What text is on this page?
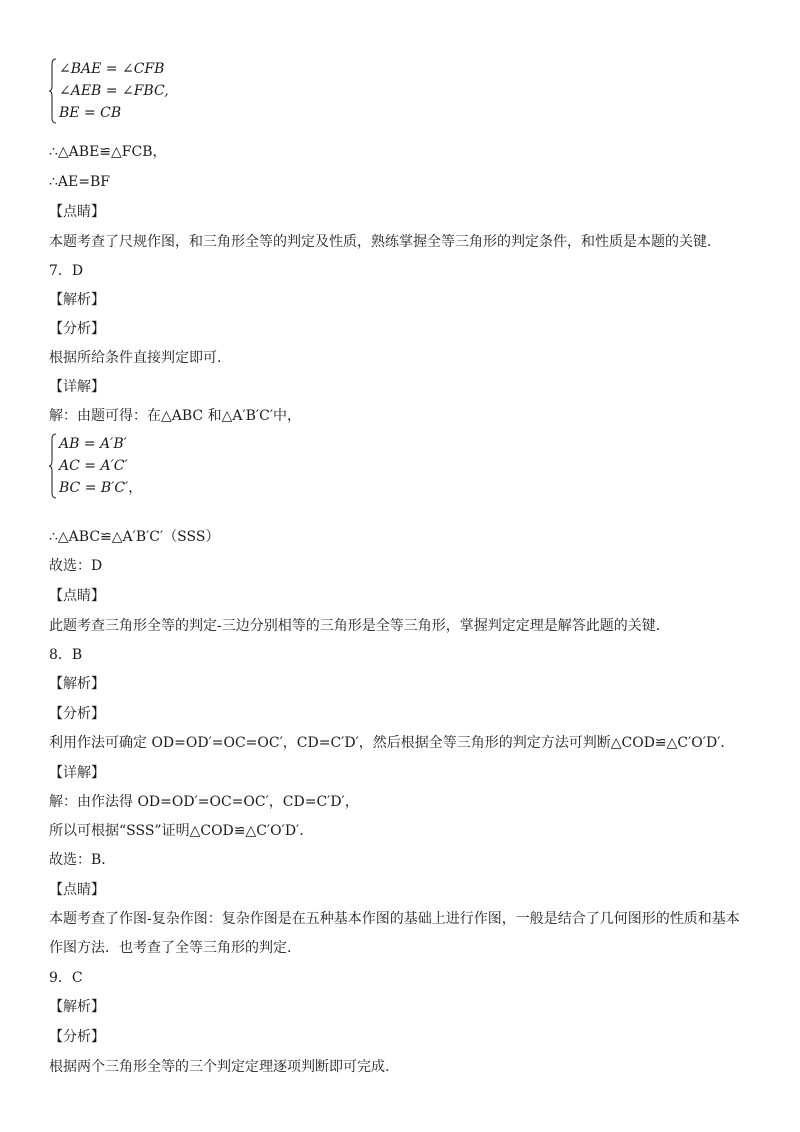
∠BAE = ∠CFB
∠AEB = ∠FBC,
BE = CB
∴△ABE≌△FCB，
∴AE=BF
【点睛】
本题考查了尺规作图，和三角形全等的判定及性质，熟练掌握全等三角形的判定条件，和性质是本题的关键.
7．D
【解析】
【分析】
根据所给条件直接判定即可.
【详解】
解：由题可得：在△ABC 和△A′B′C′中，
AB = A′B′
AC = A′C′
BC = B′C′，
∴△ABC≌△A′B′C′（SSS）
故选：D
【点睛】
此题考查三角形全等的判定-三边分别相等的三角形是全等三角形，掌握判定定理是解答此题的关键.
8．B
【解析】
【分析】
利用作法可确定 OD=OD′=OC=OC′，CD=C′D′，然后根据全等三角形的判定方法可判断△COD≌△C′O′D′.
【详解】
解：由作法得 OD=OD′=OC=OC′，CD=C′D′，
所以可根据“SSS”证明△COD≌△C′O′D′.
故选：B.
【点睛】
本题考查了作图-复杂作图：复杂作图是在五种基本作图的基础上进行作图，一般是结合了几何图形的性质和基本
作图方法．也考查了全等三角形的判定.
9．C
【解析】
【分析】
根据两个三角形全等的三个判定定理逐项判断即可完成.
